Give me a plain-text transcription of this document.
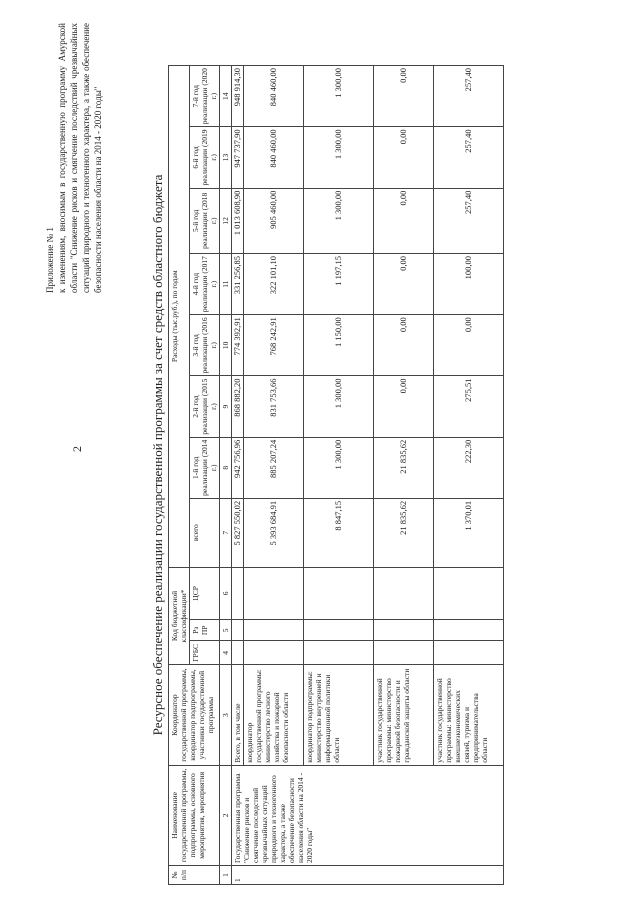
2
Приложение № 1 к изменениям, вносимым в государственную программу Амурской области "Снижение рисков и смягчение последствий чрезвычайных ситуаций природного и техногенного характера, а также обеспечение безопасности населения области на 2014 - 2020 годы"	Ресурсное обеспечение реализации государственной программы за счет средств областного бюджета
№ п/п	Наименование государственной программы, подпрограммы, основного мероприятия, мероприятия	Координатор государственной программы, координатор подпрограммы, участники государственной программы	Код бюджетной классификации*			Расходы (тыс.руб.), по годам							
			ГРБС	Рз ПР	ЦСР	всего	1-й год реализации (2014 г.)	2-й год реализации (2015 г.)	3-й год реализации (2016 г.)	4-й год реализации (2017 г.)	5-й год реализации (2018 г.)	6-й год реализации (2019 г.)	7-й год реализации (2020 г.)
1	2	3	4	5	6	7	8	9	10	11	12	13	14
1	Государственная программа "Снижение рисков и смягчение последствий чрезвычайных ситуаций природного и техногенного характера, а также обеспечение безопасности населения области на 2014 - 2020 годы"	Всего, в том числе				5 827 550,02	942 756,96	868 882,20	774 392,91	331 256,85	1 013 608,90	947 737,90	948 914,30
		координатор государственной программы: министерство лесного хозяйства и пожарной безопасности области				5 393 684,91	885 207,24	831 753,66	768 242,91	322 101,10	905 460,00	840 460,00	840 460,00
		координатор подпрограммы: министерство внутренней и информационной политики области				8 847,15	1 300,00	1 300,00	1 150,00	1 197,15	1 300,00	1 300,00	1 300,00
		участник государственной программы: министерство пожарной безопасности и гражданской защиты области				21 835,62	21 835,62	0,00	0,00	0,00	0,00	0,00	0,00
		участник государственной программы: министерство внешнеэкономических связей, туризма и предпринимательства области				1 370,01	222,30	275,51	0,00	100,00	257,40	257,40	257,40
